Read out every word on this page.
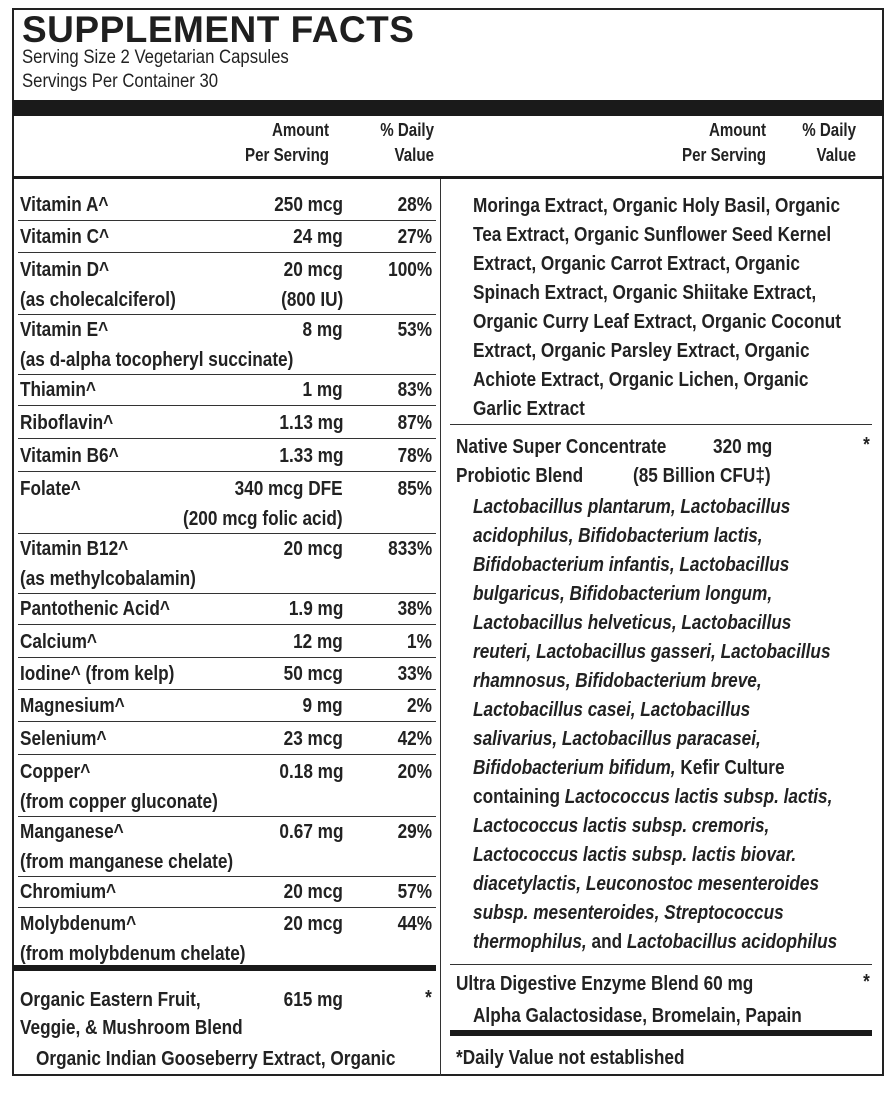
SUPPLEMENT FACTS
Serving Size 2 Vegetarian Capsules
Servings Per Container 30
Amount
Per Serving
% Daily
Value
Amount
Per Serving
% Daily
Value
Vitamin A^	250 mcg	28%
Vitamin C^	24 mg	27%
Vitamin D^	20 mcg 100%
(as cholecalciferol)	(800 IU)
Vitamin E^	8 mg	53%
(as d-alpha tocopheryl succinate)
Thiamin^	1 mg	83%
Riboflavin^	1.13 mg	87%
Vitamin B6^	1.33 mg	78%
Folate^	340 mcg DFE	85%
(200 mcg folic acid)
Vitamin B12^	20 mcg 833%
(as methylcobalamin)
Pantothenic Acid^	1.9 mg	38%
Calcium^	12 mg	1%
Iodine^ (from kelp)	50 mcg	33%
Magnesium^	9 mg	2%
Selenium^	23 mcg	42%
Copper^	0.18 mg	20%
(from copper gluconate)
Manganese^	0.67 mg	29%
(from manganese chelate)
Chromium^	20 mcg	57%
Molybdenum^	20 mcg	44%
(from molybdenum chelate)
Organic Eastern Fruit,
Veggie, & Mushroom Blend
615 mg	*
Organic Indian Gooseberry Extract, Organic
Moringa Extract, Organic Holy Basil, Organic
Tea Extract, Organic Sunflower Seed Kernel
Extract, Organic Carrot Extract, Organic
Spinach Extract, Organic Shiitake Extract,
Organic Curry Leaf Extract, Organic Coconut
Extract, Organic Parsley Extract, Organic
Achiote Extract, Organic Lichen, Organic
Garlic Extract
Native Super Concentrate 320 mg	*
Probiotic Blend (85 Billion CFU‡)
Lactobacillus plantarum, Lactobacillus
acidophilus, Bifidobacterium lactis,
Bifidobacterium infantis, Lactobacillus
bulgaricus, Bifidobacterium longum,
Lactobacillus helveticus, Lactobacillus
reuteri, Lactobacillus gasseri, Lactobacillus
rhamnosus, Bifidobacterium breve,
Lactobacillus casei, Lactobacillus
salivarius, Lactobacillus paracasei,
Bifidobacterium bifidum, Kefir Culture
containing Lactococcus lactis subsp. lactis,
Lactococcus lactis subsp. cremoris,
Lactococcus lactis subsp. lactis biovar.
diacetylactis, Leuconostoc mesenteroides
subsp. mesenteroides, Streptococcus
thermophilus, and Lactobacillus acidophilus
Ultra Digestive Enzyme Blend 60 mg	*
Alpha Galactosidase, Bromelain, Papain
*Daily Value not established
